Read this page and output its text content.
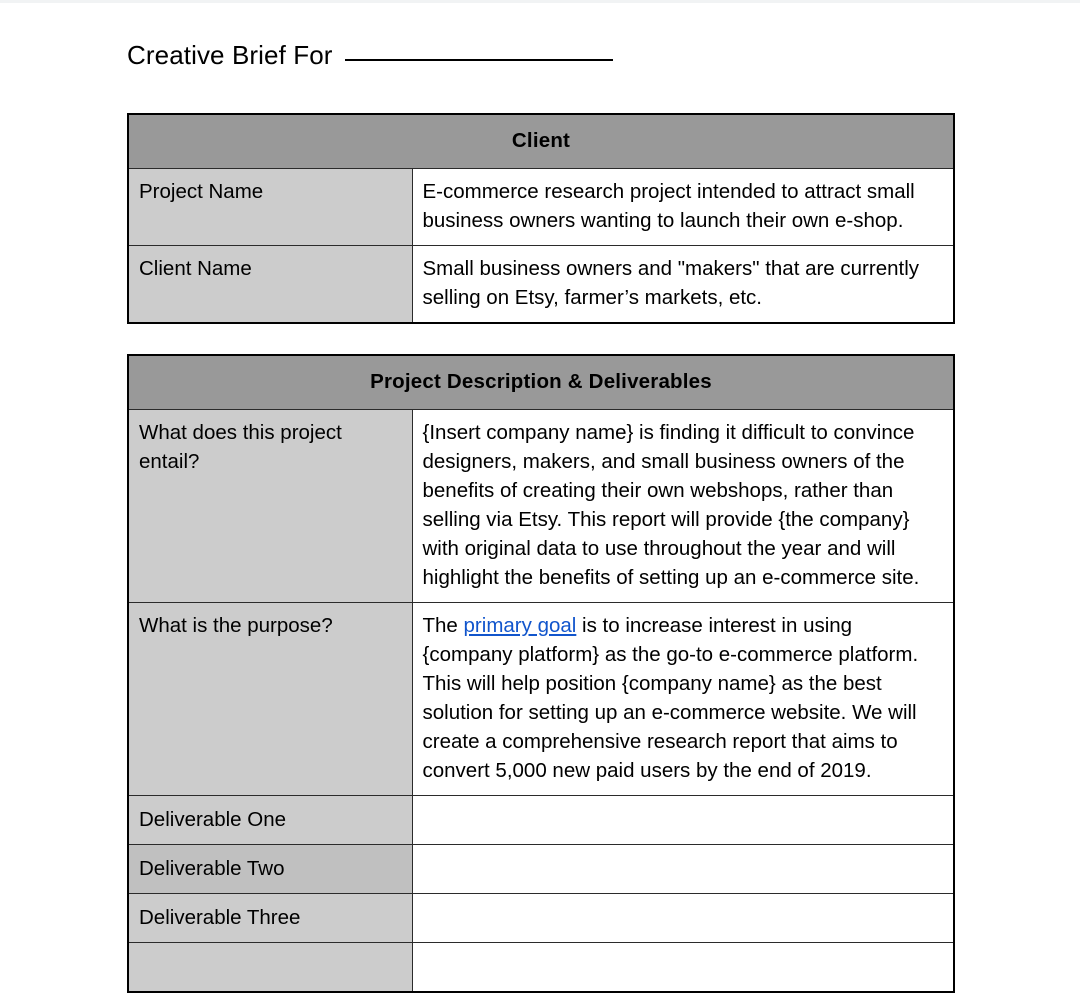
Creative Brief For
Client	
Project Name	E-commerce research project intended to attract small business owners wanting to launch their own e-shop.
Client Name	Small business owners and "makers" that are currently selling on Etsy, farmer’s markets, etc.
Project Description & Deliverables	
What does this project entail?	{Insert company name} is finding it difficult to convince designers, makers, and small business owners of the benefits of creating their own webshops, rather than selling via Etsy. This report will provide {the company} with original data to use throughout the year and will highlight the benefits of setting up an e-commerce site.
What is the purpose?	The primary goal is to increase interest in using {company platform} as the go-to e-commerce platform. This will help position {company name} as the best solution for setting up an e-commerce website. We will create a comprehensive research report that aims to convert 5,000 new paid users by the end of 2019.
Deliverable One	
Deliverable Two	
Deliverable Three	
